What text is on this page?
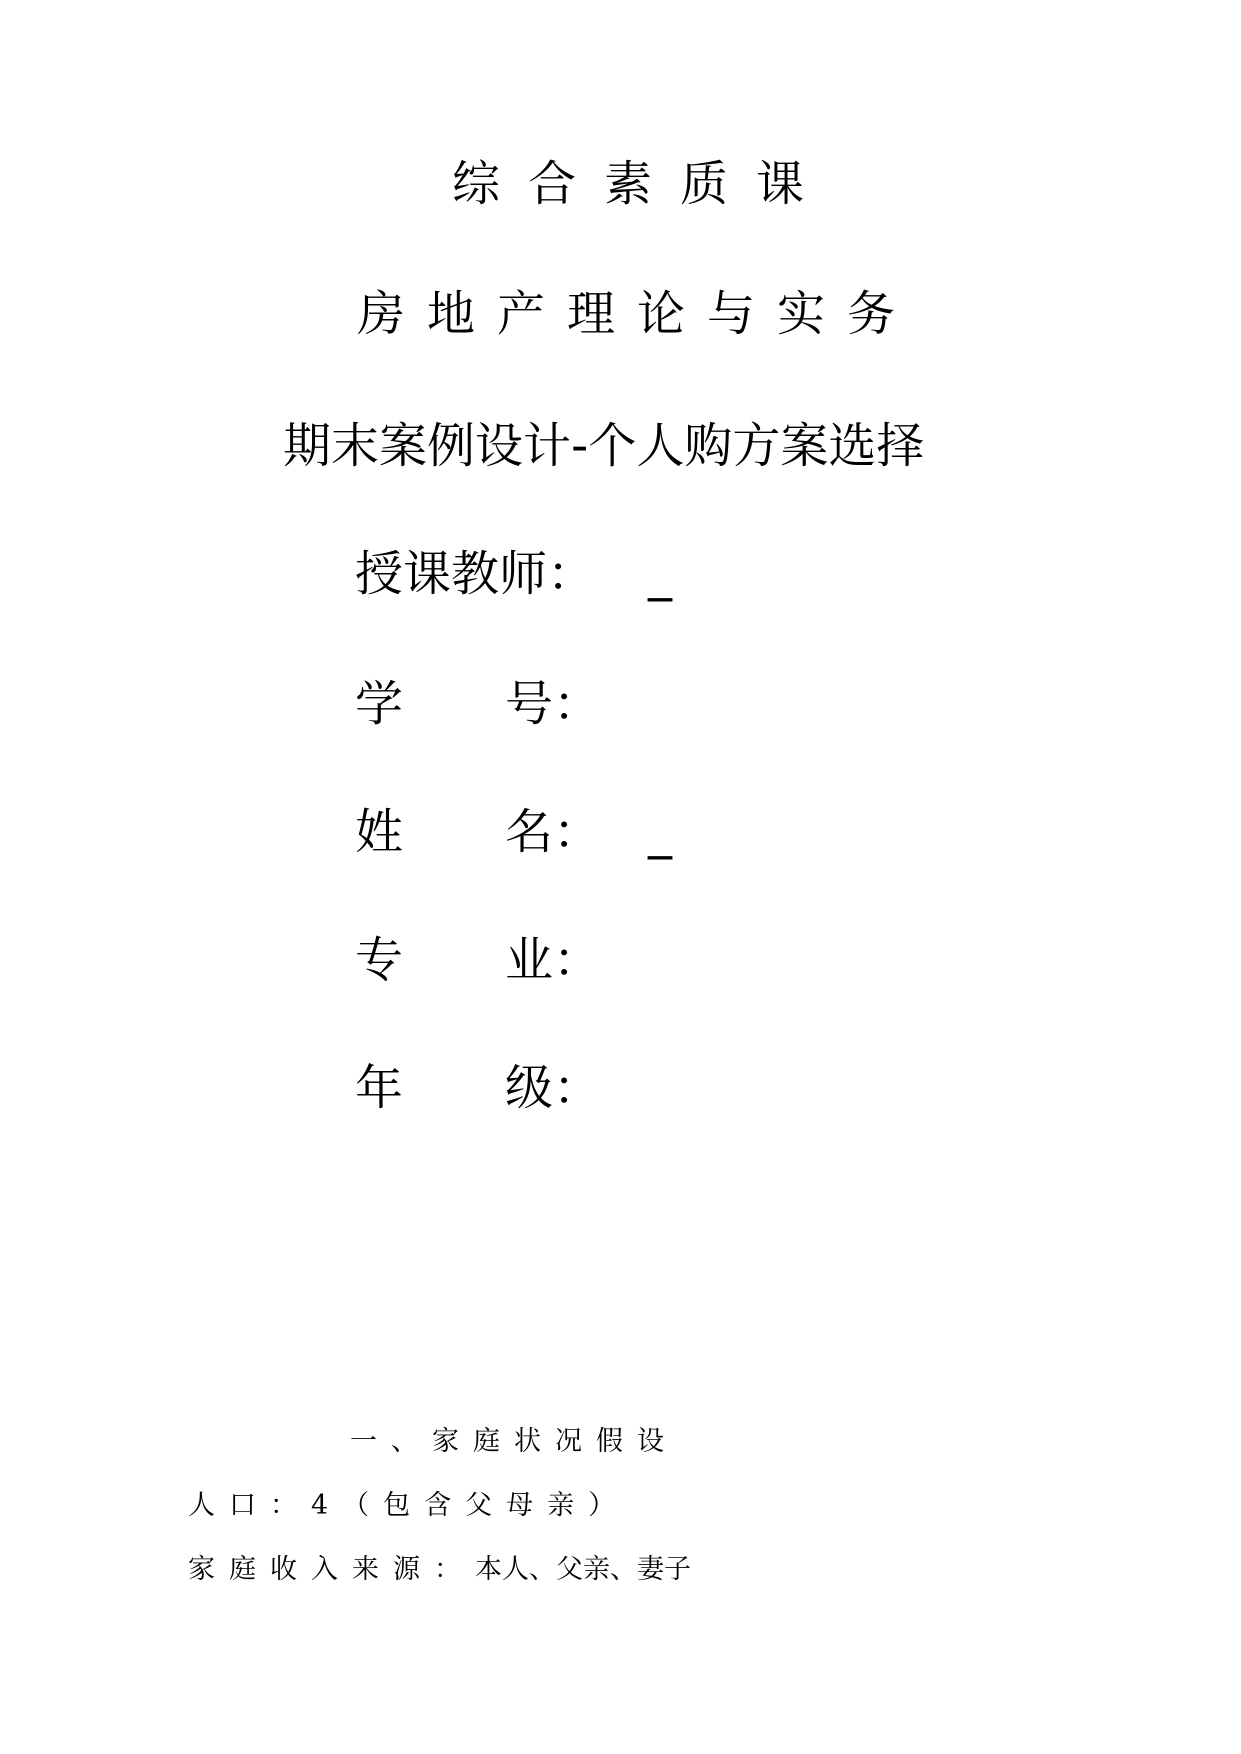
综合素质课
房地产理论与实务
期末案例设计-个人购方案选择
授课教师： _
学 号：
姓 名： _
专 业：
年 级：
一、家庭状况假设
人口：4（包含父母亲）
家庭收入来源：本人、父亲、妻子
